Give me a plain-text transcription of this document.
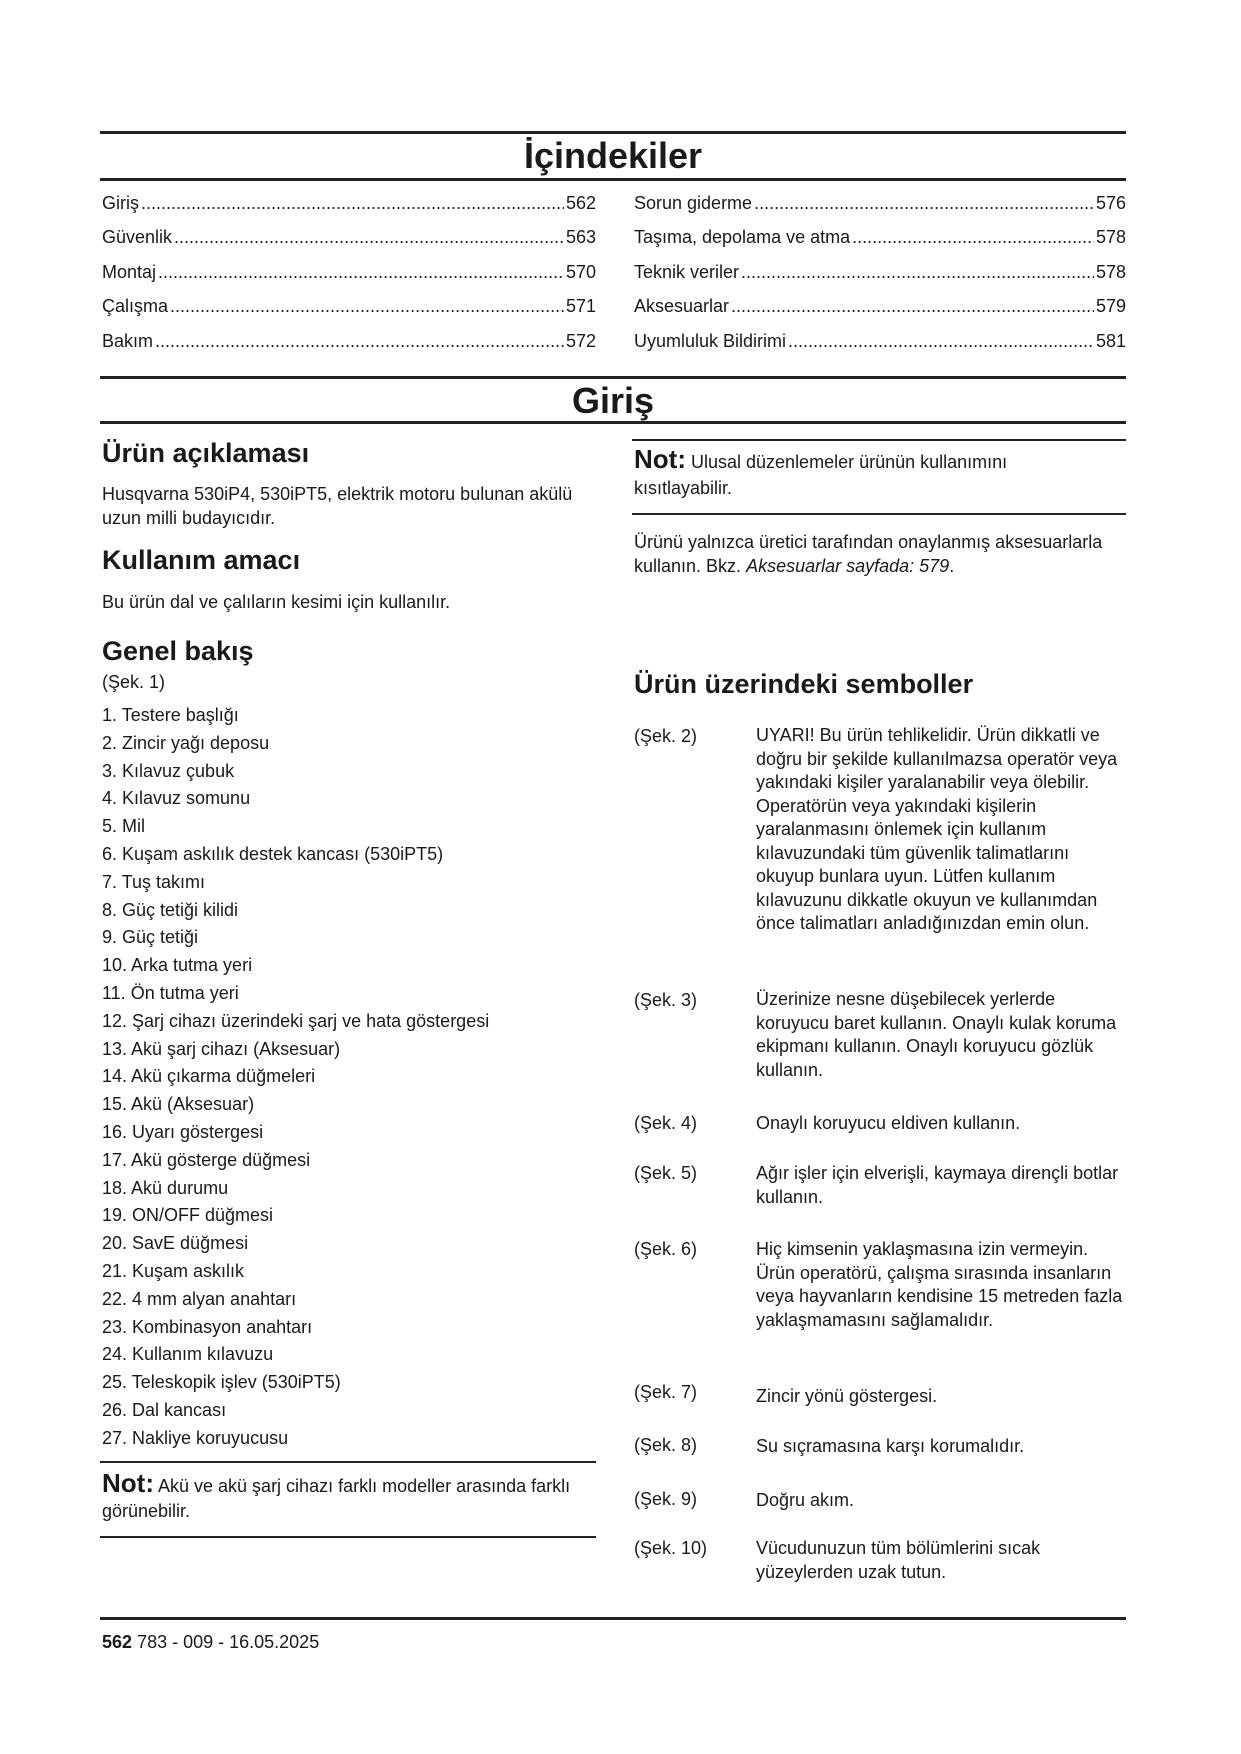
İçindekiler
Giriş .....	562
Güvenlik .....	563
Montaj .....	570
Çalışma .....	571
Bakım .....	572
Sorun giderme .....	576
Taşıma, depolama ve atma .....	578
Teknik veriler .....	578
Aksesuarlar .....	579
Uyumluluk Bildirimi .....	581
Giriş
Ürün açıklaması
Husqvarna 530iP4, 530iPT5, elektrik motoru bulunan akülü uzun milli budayıcıdır.
Kullanım amacı
Bu ürün dal ve çalıların kesimi için kullanılır.
Genel bakış
(Şek. 1)
1. Testere başlığı
2. Zincir yağı deposu
3. Kılavuz çubuk
4. Kılavuz somunu
5. Mil
6. Kuşam askılık destek kancası (530iPT5)
7. Tuş takımı
8. Güç tetiği kilidi
9. Güç tetiği
10. Arka tutma yeri
11. Ön tutma yeri
12. Şarj cihazı üzerindeki şarj ve hata göstergesi
13. Akü şarj cihazı (Aksesuar)
14. Akü çıkarma düğmeleri
15. Akü (Aksesuar)
16. Uyarı göstergesi
17. Akü gösterge düğmesi
18. Akü durumu
19. ON/OFF düğmesi
20. SavE düğmesi
21. Kuşam askılık
22. 4 mm alyan anahtarı
23. Kombinasyon anahtarı
24. Kullanım kılavuzu
25. Teleskopik işlev (530iPT5)
26. Dal kancası
27. Nakliye koruyucusu
Not: Akü ve akü şarj cihazı farklı modeller arasında farklı görünebilir.
Not: Ulusal düzenlemeler ürünün kullanımını kısıtlayabilir.
Ürünü yalnızca üretici tarafından onaylanmış aksesuarlarla kullanın. Bkz. Aksesuarlar sayfada: 579.
Ürün üzerindeki semboller
(Şek. 2)	UYARI! Bu ürün tehlikelidir. Ürün dikkatli ve doğru bir şekilde kullanılmazsa operatör veya yakındaki kişiler yaralanabilir veya ölebilir. Operatörün veya yakındaki kişilerin yaralanmasını önlemek için kullanım kılavuzundaki tüm güvenlik talimatlarını okuyup bunlara uyun. Lütfen kullanım kılavuzunu dikkatle okuyun ve kullanımdan önce talimatları anladığınızdan emin olun.
(Şek. 3)	Üzerinize nesne düşebilecek yerlerde koruyucu baret kullanın. Onaylı kulak koruma ekipmanı kullanın. Onaylı koruyucu gözlük kullanın.
(Şek. 4)	Onaylı koruyucu eldiven kullanın.
(Şek. 5)	Ağır işler için elverişli, kaymaya dirençli botlar kullanın.
(Şek. 6)	Hiç kimsenin yaklaşmasına izin vermeyin. Ürün operatörü, çalışma sırasında insanların veya hayvanların kendisine 15 metreden fazla yaklaşmamasını sağlamalıdır.
(Şek. 7)	Zincir yönü göstergesi.
(Şek. 8)	Su sıçramasına karşı korumalıdır.
(Şek. 9)	Doğru akım.
(Şek. 10)	Vücudunuzun tüm bölümlerini sıcak yüzeylerden uzak tutun.
562 783 - 009 - 16.05.2025
